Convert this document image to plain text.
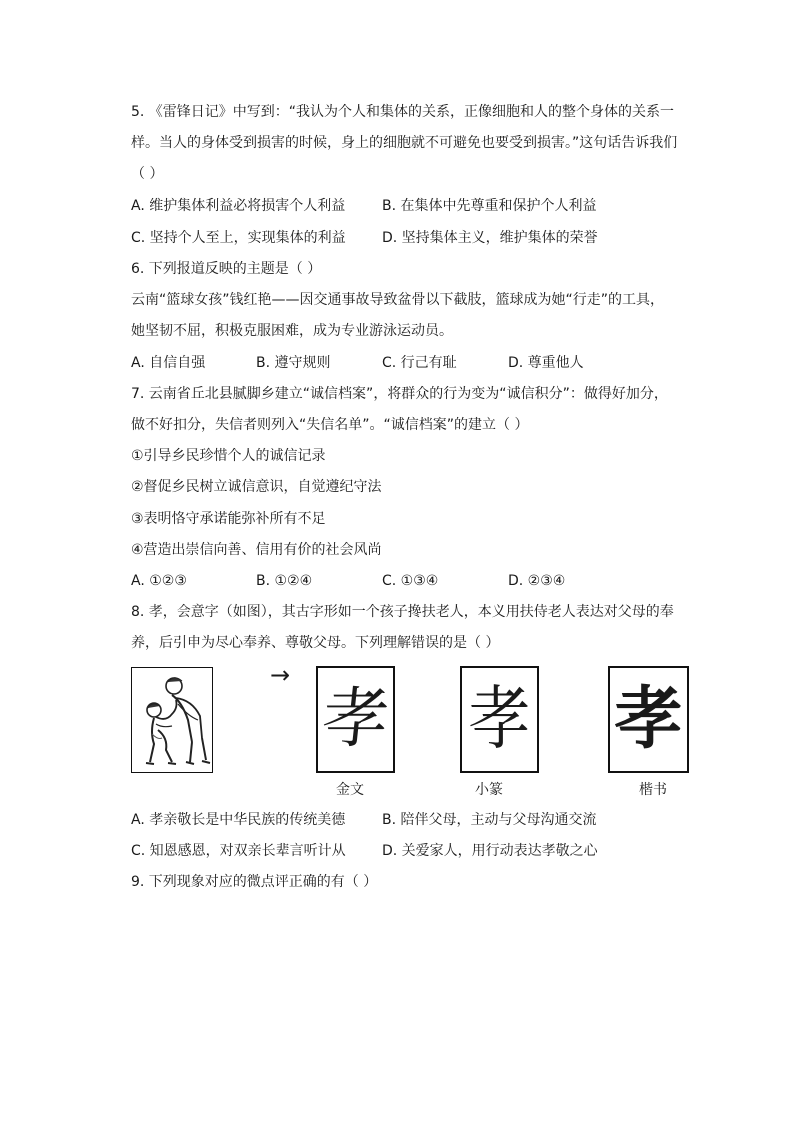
5. 《雷锋日记》中写到：“我认为个人和集体的关系，正像细胞和人的整个身体的关系一
样。当人的身体受到损害的时候，身上的细胞就不可避免也要受到损害。”这句话告诉我们
（ ）
A. 维护集体利益必将损害个人利益	B. 在集体中先尊重和保护个人利益
C. 坚持个人至上，实现集体的利益	D. 坚持集体主义，维护集体的荣誉
6. 下列报道反映的主题是（ ）
云南“篮球女孩”钱红艳——因交通事故导致盆骨以下截肢，篮球成为她“行走”的工具，
她坚韧不屈，积极克服困难，成为专业游泳运动员。
A. 自信自强	B. 遵守规则	C. 行己有耻	D. 尊重他人
7. 云南省丘北县腻脚乡建立“诚信档案”，将群众的行为变为“诚信积分”：做得好加分，
做不好扣分，失信者则列入“失信名单”。“诚信档案”的建立（ ）
①引导乡民珍惜个人的诚信记录
②督促乡民树立诚信意识，自觉遵纪守法
③表明恪守承诺能弥补所有不足
④营造出崇信向善、信用有价的社会风尚
A. ①②③	B. ①②④	C. ①③④	D. ②③④
8. 孝，会意字（如图），其古字形如一个孩子搀扶老人，本义用扶侍老人表达对父母的奉
养，后引申为尽心奉养、尊敬父母。下列理解错误的是（ ）
→
孝 孝 孝
金文	小篆	楷书
A. 孝亲敬长是中华民族的传统美德	B. 陪伴父母，主动与父母沟通交流
C. 知恩感恩，对双亲长辈言听计从	D. 关爱家人，用行动表达孝敬之心
9. 下列现象对应的微点评正确的有（ ）
